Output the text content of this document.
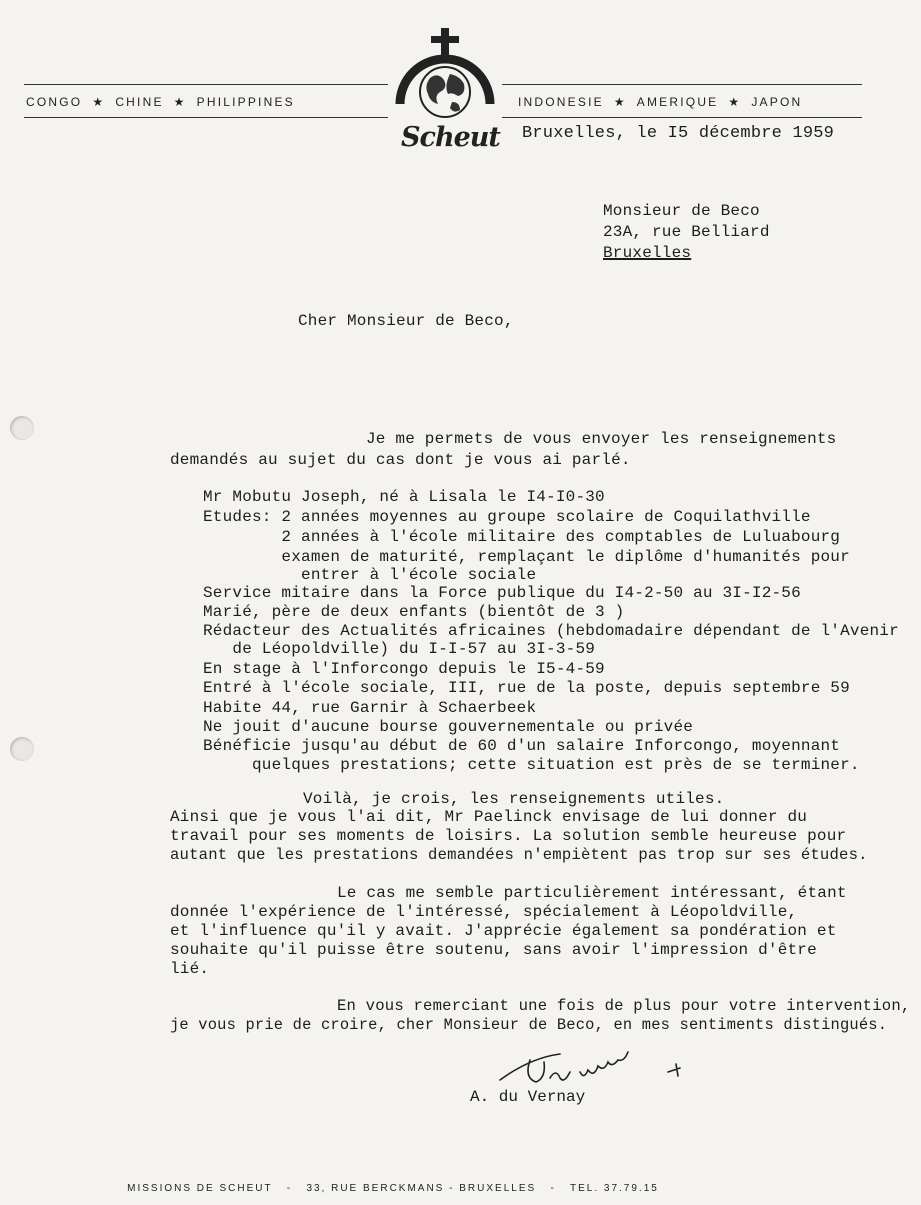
CONGO ★ CHINE ★ PHILIPPINES	INDONESIE ★ AMERIQUE ★ JAPON
Scheut Bruxelles, le I5 décembre 1959
Monsieur de Beco
23A, rue Belliard
Bruxelles
Cher Monsieur de Beco,
Je me permets de vous envoyer les renseignements
demandés au sujet du cas dont je vous ai parlé.
Mr Mobutu Joseph, né à Lisala le I4-I0-30
Etudes: 2 années moyennes au groupe scolaire de Coquilathville
2 années à l'école militaire des comptables de Luluabourg
examen de maturité, remplaçant le diplôme d'humanités pour
entrer à l'école sociale
Service mitaire dans la Force publique du I4-2-50 au 3I-I2-56
Marié, père de deux enfants (bientôt de 3 )
Rédacteur des Actualités africaines (hebdomadaire dépendant de l'Avenir
de Léopoldville) du I-I-57 au 3I-3-59
En stage à l'Inforcongo depuis le I5-4-59
Entré à l'école sociale, III, rue de la poste, depuis septembre 59
Habite 44, rue Garnir à Schaerbeek
Ne jouit d'aucune bourse gouvernementale ou privée
Bénéficie jusqu'au début de 60 d'un salaire Inforcongo, moyennant
quelques prestations; cette situation est près de se terminer.
Voilà, je crois, les renseignements utiles.
Ainsi que je vous l'ai dit, Mr Paelinck envisage de lui donner du
travail pour ses moments de loisirs. La solution semble heureuse pour
autant que les prestations demandées n'empiètent pas trop sur ses études.
Le cas me semble particulièrement intéressant, étant
donnée l'expérience de l'intéressé, spécialement à Léopoldville,
et l'influence qu'il y avait. J'apprécie également sa pondération et
souhaite qu'il puisse être soutenu, sans avoir l'impression d'être
lié.
En vous remerciant une fois de plus pour votre intervention,
je vous prie de croire, cher Monsieur de Beco, en mes sentiments distingués.
A. du Vernay

MISSIONS DE SCHEUT - 33, RUE BERCKMANS - BRUXELLES - TEL. 37.79.15
